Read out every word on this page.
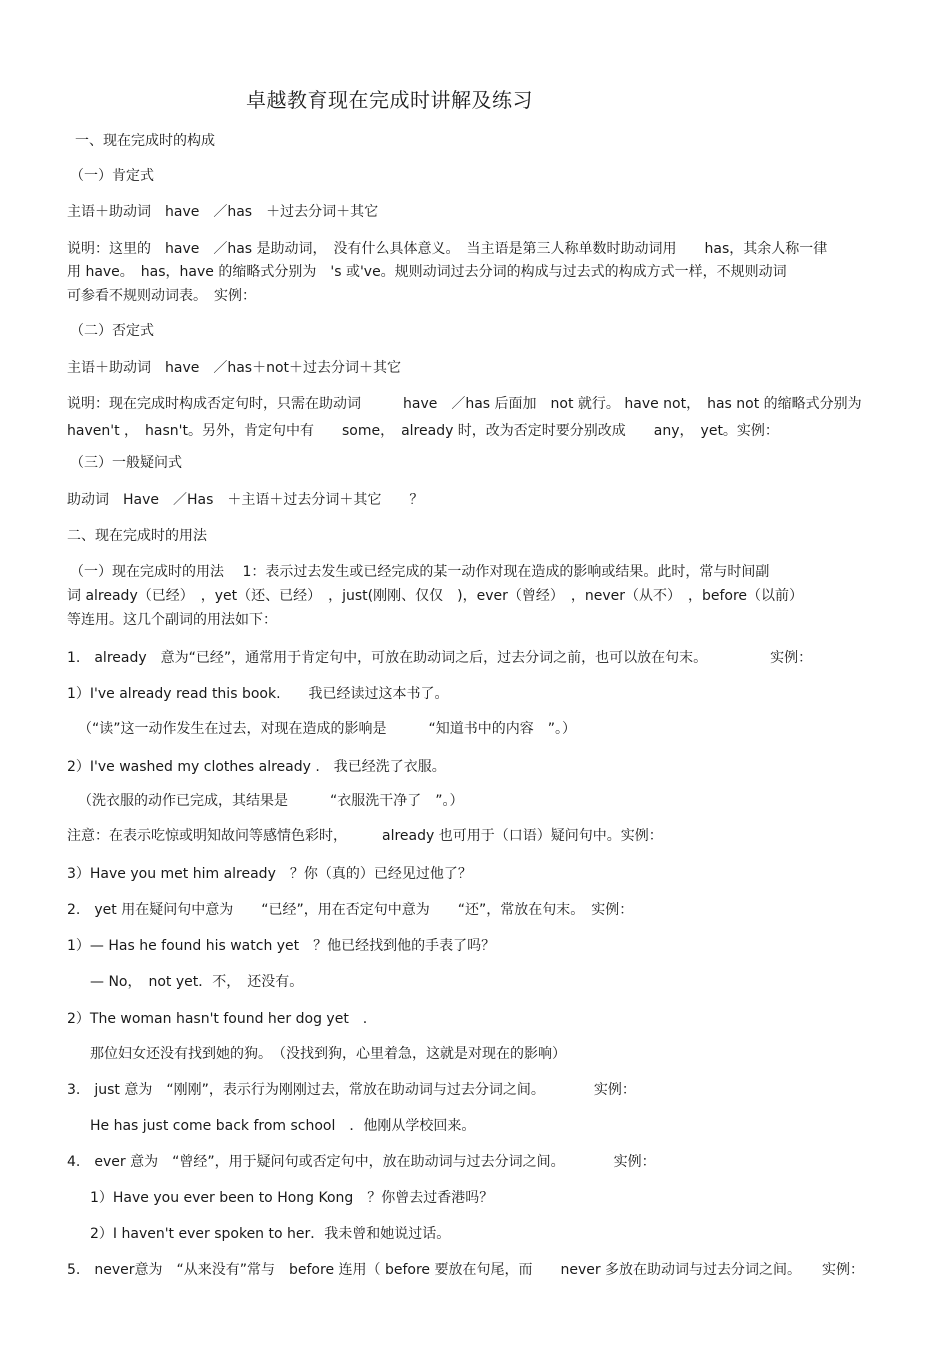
卓越教育现在完成时讲解及练习
一、现在完成时的构成
（一）肯定式
主语＋助动词　have　／has　＋过去分词＋其它
说明：这里的　have　／has 是助动词，　没有什么具体意义。　当主语是第三人称单数时助动词用　　has，其余人称一律
用 have。　has，have 的缩略式分别为　's 或've。规则动词过去分词的构成与过去式的构成方式一样，不规则动词
可参看不规则动词表。　实例：
（二）否定式
主语＋助动词　have　／has＋not＋过去分词＋其它
说明：现在完成时构成否定句时，只需在助动词　　　have　／has 后面加　not 就行。 have not，　has not 的缩略式分别为
haven't ，　hasn't。另外，肯定句中有　　some，　already 时，改为否定时要分别改成　　any，　yet。实例：
（三）一般疑问式
助动词　Have　／Has　＋主语＋过去分词＋其它　　？
二、现在完成时的用法
（一）现在完成时的用法　 1：表示过去发生或已经完成的某一动作对现在造成的影响或结果。此时，常与时间副
词 already（已经）　，yet（还、已经）　，just(刚刚、仅仅　)，ever（曾经）　，never（从不）　，before（以前）
等连用。这几个副词的用法如下：
1.　already　意为“已经”，通常用于肯定句中，可放在助动词之后，过去分词之前，也可以放在句末。　　　　　实例：
1）I've already read this book.　　我已经读过这本书了。
（“读”这一动作发生在过去，对现在造成的影响是　　　“知道书中的内容　”。）
2）I've washed my clothes already .　我已经洗了衣服。
（洗衣服的动作已完成，其结果是　　　“衣服洗干净了　”。）
注意：在表示吃惊或明知故问等感情色彩时，　　　already 也可用于（口语）疑问句中。实例：
3）Have you met him already　？你（真的）已经见过他了？
2.　yet 用在疑问句中意为　　“已经”，用在否定句中意为　　“还”，常放在句末。　实例：
1）— Has he found his watch yet　？他已经找到他的手表了吗？
— No，　not yet．不，　还没有。
2）The woman hasn't found her dog yet　.
那位妇女还没有找到她的狗。　（没找到狗，心里着急，这就是对现在的影响）
3.　just 意为　“刚刚”，表示行为刚刚过去，常放在助动词与过去分词之间。　　　　实例：
He has just come back from school　．他刚从学校回来。
4.　ever 意为　“曾经”，用于疑问句或否定句中，放在助动词与过去分词之间。　　　　实例：
1）Have you ever been to Hong Kong　？你曾去过香港吗？
2）I haven't ever spoken to her．我未曾和她说过话。
5.　never意为　“从来没有”常与　before 连用（ before 要放在句尾，而　　never 多放在助动词与过去分词之间。　　实例：
